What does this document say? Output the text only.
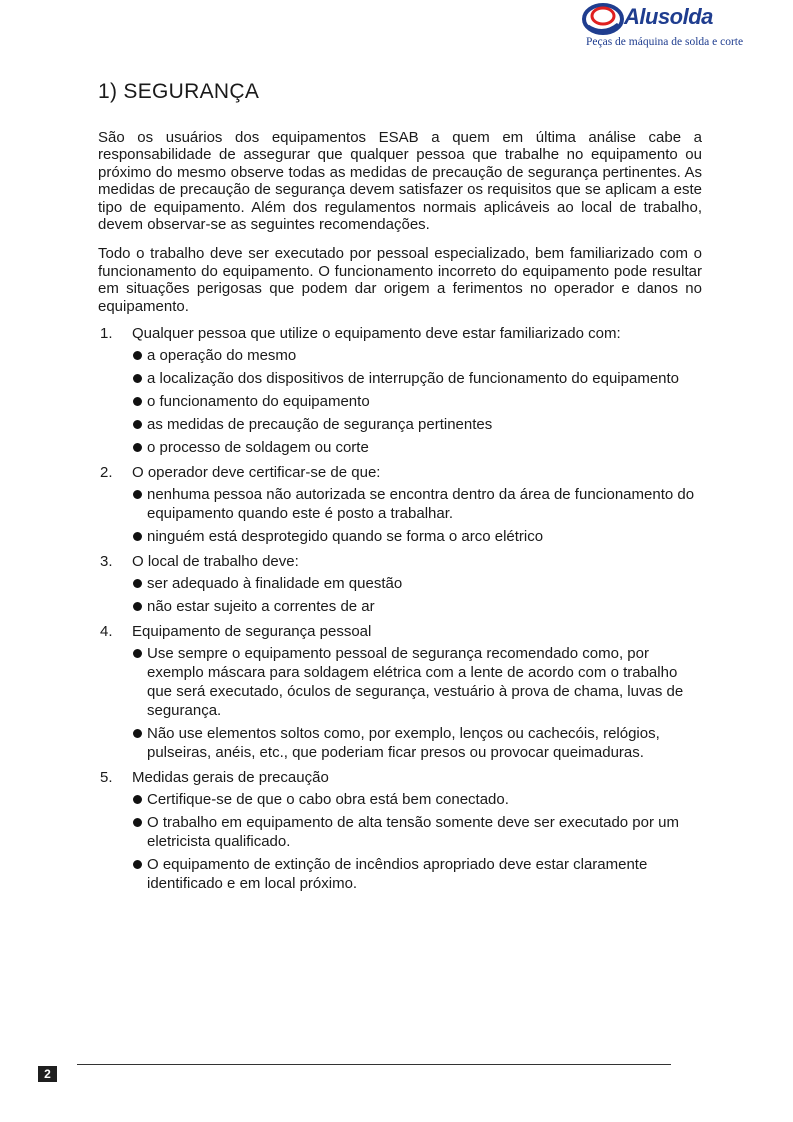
Alusolda
Peças de máquina de solda e corte
1) SEGURANÇA

São os usuários dos equipamentos ESAB a quem em última análise cabe a responsabilidade de assegurar que qualquer pessoa que trabalhe no equipamento ou próximo do mesmo observe todas as medidas de precaução de segurança pertinentes. As medidas de precaução de segurança devem satisfazer os requisitos que se aplicam a este tipo de equipamento. Além dos regulamentos normais aplicáveis ao local de trabalho, devem observar-se as seguintes recomendações.

Todo o trabalho deve ser executado por pessoal especializado, bem familiarizado com o funcionamento do equipamento. O funcionamento incorreto do equipamento pode resultar em situações perigosas que podem dar origem a ferimentos no operador e danos no equipamento.

1. Qualquer pessoa que utilize o equipamento deve estar familiarizado com:
a operação do mesmo
a localização dos dispositivos de interrupção de funcionamento do equipamento
o funcionamento do equipamento
as medidas de precaução de segurança pertinentes
o processo de soldagem ou corte
2. O operador deve certificar-se de que:
nenhuma pessoa não autorizada se encontra dentro da área de funcionamento do equipamento quando este é posto a trabalhar.
ninguém está desprotegido quando se forma o arco elétrico
3. O local de trabalho deve:
ser adequado à finalidade em questão
não estar sujeito a correntes de ar
4. Equipamento de segurança pessoal
Use sempre o equipamento pessoal de segurança recomendado como, por exemplo máscara para soldagem elétrica com a lente de acordo com o trabalho que será executado, óculos de segurança, vestuário à prova de chama, luvas de segurança.
Não use elementos soltos como, por exemplo, lenços ou cachecóis, relógios, pulseiras, anéis, etc., que poderiam ficar presos ou provocar queimaduras.
5. Medidas gerais de precaução
Certifique-se de que o cabo obra está bem conectado.
O trabalho em equipamento de alta tensão somente deve ser executado por um eletricista qualificado.
O equipamento de extinção de incêndios apropriado deve estar claramente identificado e em local próximo.
2
